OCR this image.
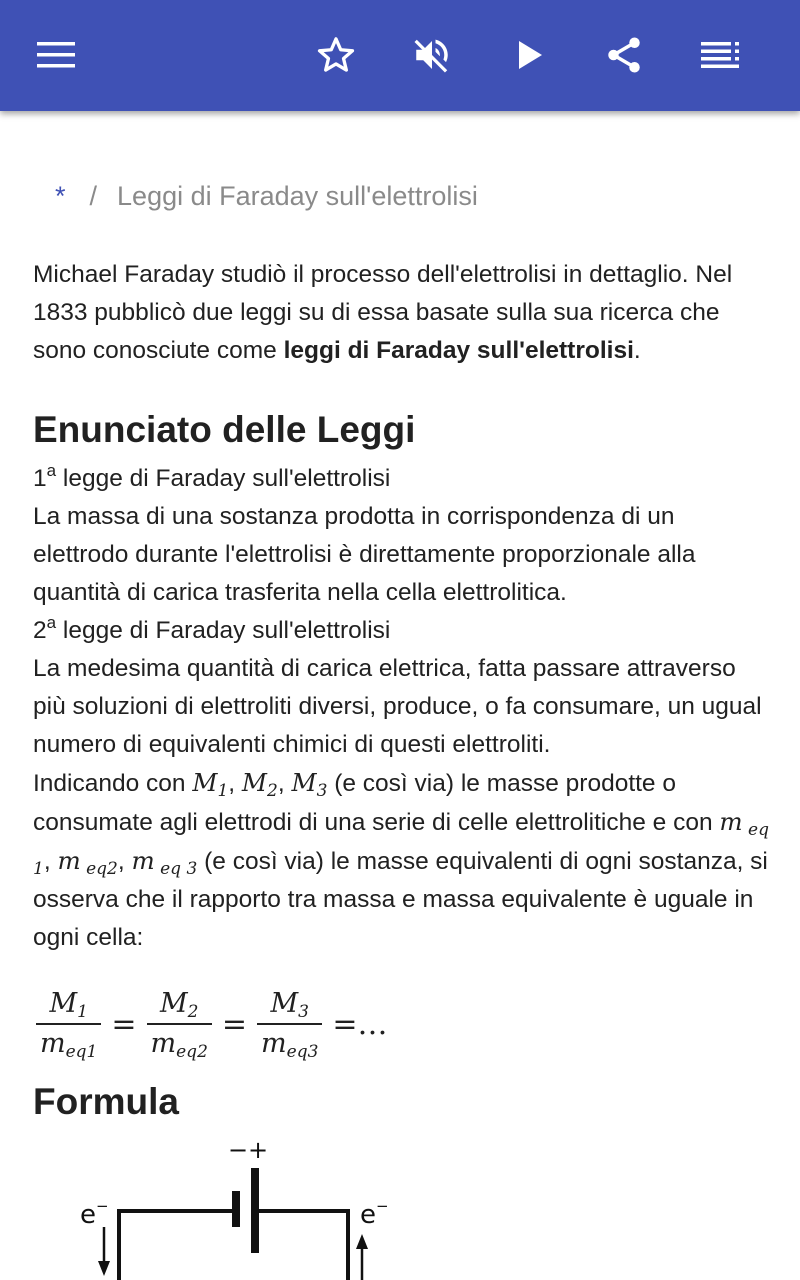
* / Leggi di Faraday sull'elettrolisi

Michael Faraday studiò il processo dell'elettrolisi in dettaglio. Nel 1833 pubblicò due leggi su di essa basate sulla sua ricerca che sono conosciute come leggi di Faraday sull'elettrolisi.

Enunciato delle Leggi

1$^a$ legge di Faraday sull'elettrolisi

La massa di una sostanza prodotta in corrispondenza di un elettrodo durante l'elettrolisi è direttamente proporzionale alla quantità di carica trasferita nella cella elettrolitica.

2$^a$ legge di Faraday sull'elettrolisi

La medesima quantità di carica elettrica, fatta passare attraverso più soluzioni di elettroliti diversi, produce, o fa consumare, un ugual numero di equivalenti chimici di questi elettroliti.

Indicando con $M_1$, $M_2$, $M_3$ (e così via) le masse prodotte o consumate agli elettrodi di una serie di celle elettrolitiche e con m $_{eq 1}$, m $_{eq2}$, m $_{eq 3}$ (e così via) le masse equivalenti di ogni sostanza, si osserva che il rapporto tra massa e massa equivalente è uguale in ogni cella:

$\frac{M_1}{m_{eq1}} = \frac{M_2}{m_{eq2}} = \frac{M_3}{m_{eq3}}$ =…
Formula
− +
e−	e−
